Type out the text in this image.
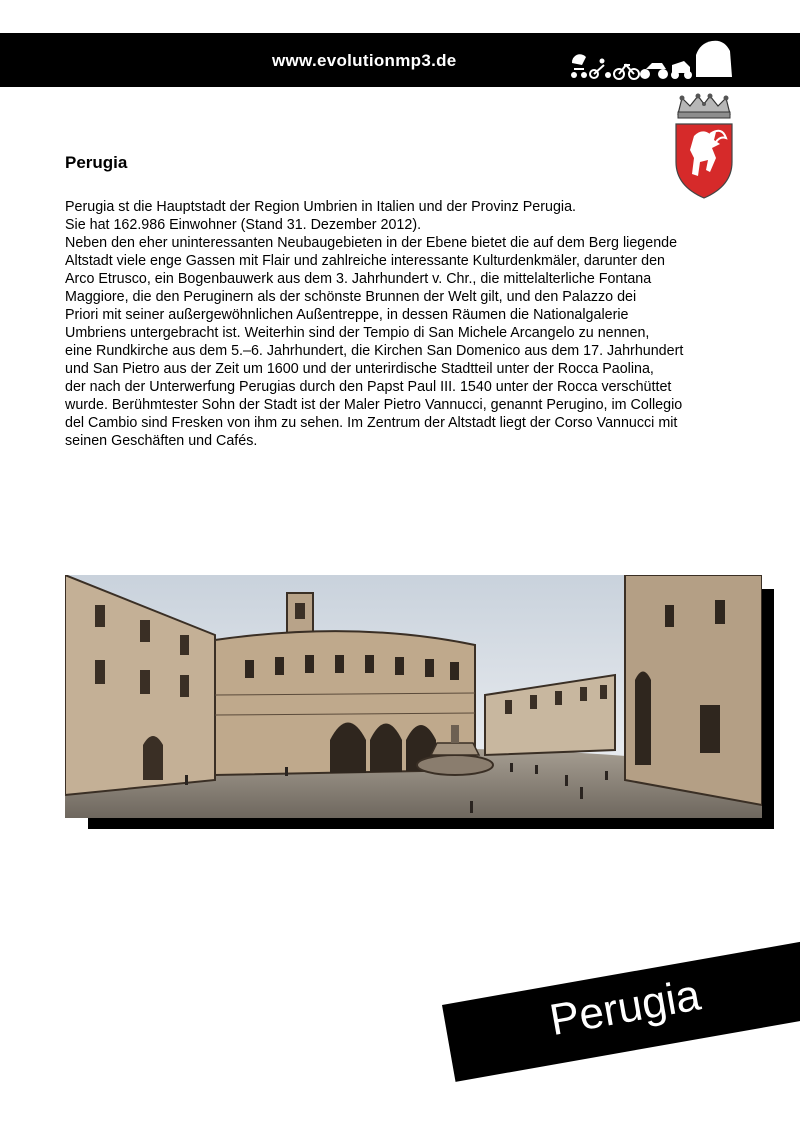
www.evolutionmp3.de
Perugia
Perugia st die Hauptstadt der Region Umbrien in Italien und der Provinz Perugia.
Sie hat 162.986 Einwohner (Stand 31. Dezember 2012).
Neben den eher uninteressanten Neubaugebieten in der Ebene bietet die auf dem Berg liegende
Altstadt viele enge Gassen mit Flair und zahlreiche interessante Kulturdenkmäler, darunter den
Arco Etrusco, ein Bogenbauwerk aus dem 3. Jahrhundert v. Chr., die mittelalterliche Fontana
Maggiore, die den Peruginern als der schönste Brunnen der Welt gilt, und den Palazzo dei
Priori mit seiner außergewöhnlichen Außentreppe, in dessen Räumen die Nationalgalerie
Umbriens untergebracht ist. Weiterhin sind der Tempio di San Michele Arcangelo zu nennen,
eine Rundkirche aus dem 5.–6. Jahrhundert, die Kirchen San Domenico aus dem 17. Jahrhundert
und San Pietro aus der Zeit um 1600 und der unterirdische Stadtteil unter der Rocca Paolina,
der nach der Unterwerfung Perugias durch den Papst Paul III. 1540 unter der Rocca verschüttet
wurde. Berühmtester Sohn der Stadt ist der Maler Pietro Vannucci, genannt Perugino, im Collegio
del Cambio sind Fresken von ihm zu sehen. Im Zentrum der Altstadt liegt der Corso Vannucci mit
seinen Geschäften und Cafés.
Perugia
